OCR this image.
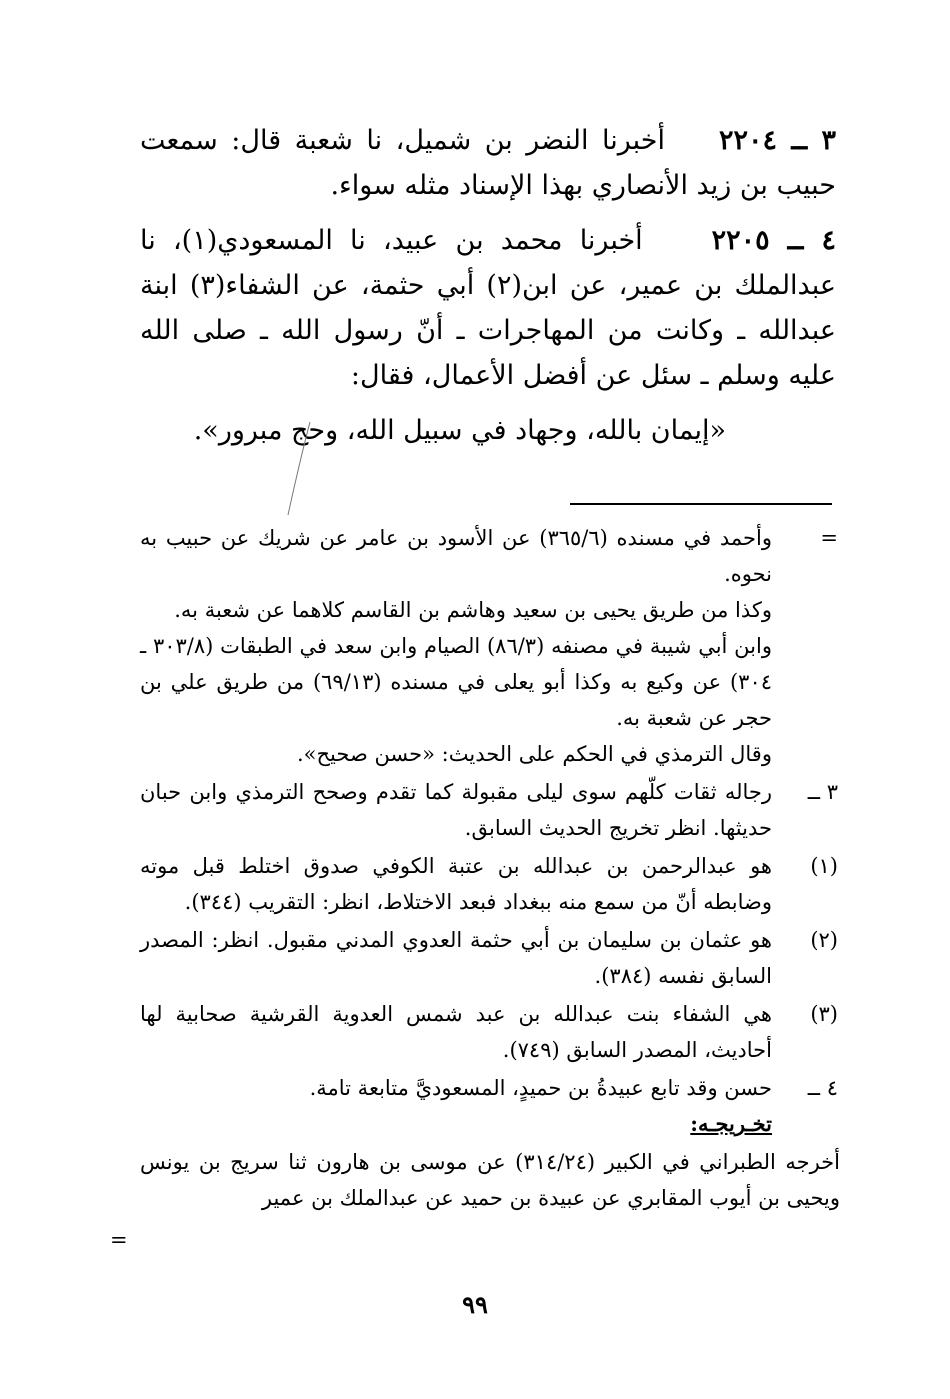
٣ ــ ٢٢٠٤    أخبرنا النضر بن شميل، نا شعبة قال: سمعت حبيب بن زيد الأنصاري بهذا الإسناد مثله سواء.

٤ ــ ٢٢٠٥    أخبرنا محمد بن عبيد، نا المسعودي(١)، نا عبدالملك بن عمير، عن ابن(٢) أبي حثمة، عن الشفاء(٣) ابنة عبدالله ـ وكانت من المهاجرات ـ أنّ رسول الله ـ صلى الله عليه وسلم ـ سئل عن أفضل الأعمال، فقال:

«إيمان بالله، وجهاد في سبيل الله، وحج مبرور».

=
وأحمد في مسنده (٣٦٥/٦) عن الأسود بن عامر عن شريك عن حبيب به نحوه.
وكذا من طريق يحيى بن سعيد وهاشم بن القاسم كلاهما عن شعبة به.
وابن أبي شيبة في مصنفه (٨٦/٣) الصيام وابن سعد في الطبقات (٣٠٣/٨ ـ ٣٠٤) عن وكيع به وكذا أبو يعلى في مسنده (٦٩/١٣) من طريق علي بن حجر عن شعبة به.
وقال الترمذي في الحكم على الحديث: «حسن صحيح».
٣ ــ
رجاله ثقات كلّهم سوى ليلى مقبولة كما تقدم وصحح الترمذي وابن حبان حديثها. انظر تخريج الحديث السابق.
(١)
هو عبدالرحمن بن عبدالله بن عتبة الكوفي صدوق اختلط قبل موته وضابطه أنّ من سمع منه ببغداد فبعد الاختلاط، انظر: التقريب (٣٤٤).
(٢)
هو عثمان بن سليمان بن أبي حثمة العدوي المدني مقبول. انظر: المصدر السابق نفسه (٣٨٤).
(٣)
هي الشفاء بنت عبدالله بن عبد شمس العدوية القرشية صحابية لها أحاديث، المصدر السابق (٧٤٩).
٤ ــ
حسن وقد تابع عبيدةُ بن حميدٍ، المسعوديَّ متابعة تامة.
تخـريجـه:
أخرجه الطبراني في الكبير (٣١٤/٢٤) عن موسى بن هارون ثنا سريج بن يونس ويحيى بن أيوب المقابري عن عبيدة بن حميد عن عبدالملك بن عمير
=
٩٩
